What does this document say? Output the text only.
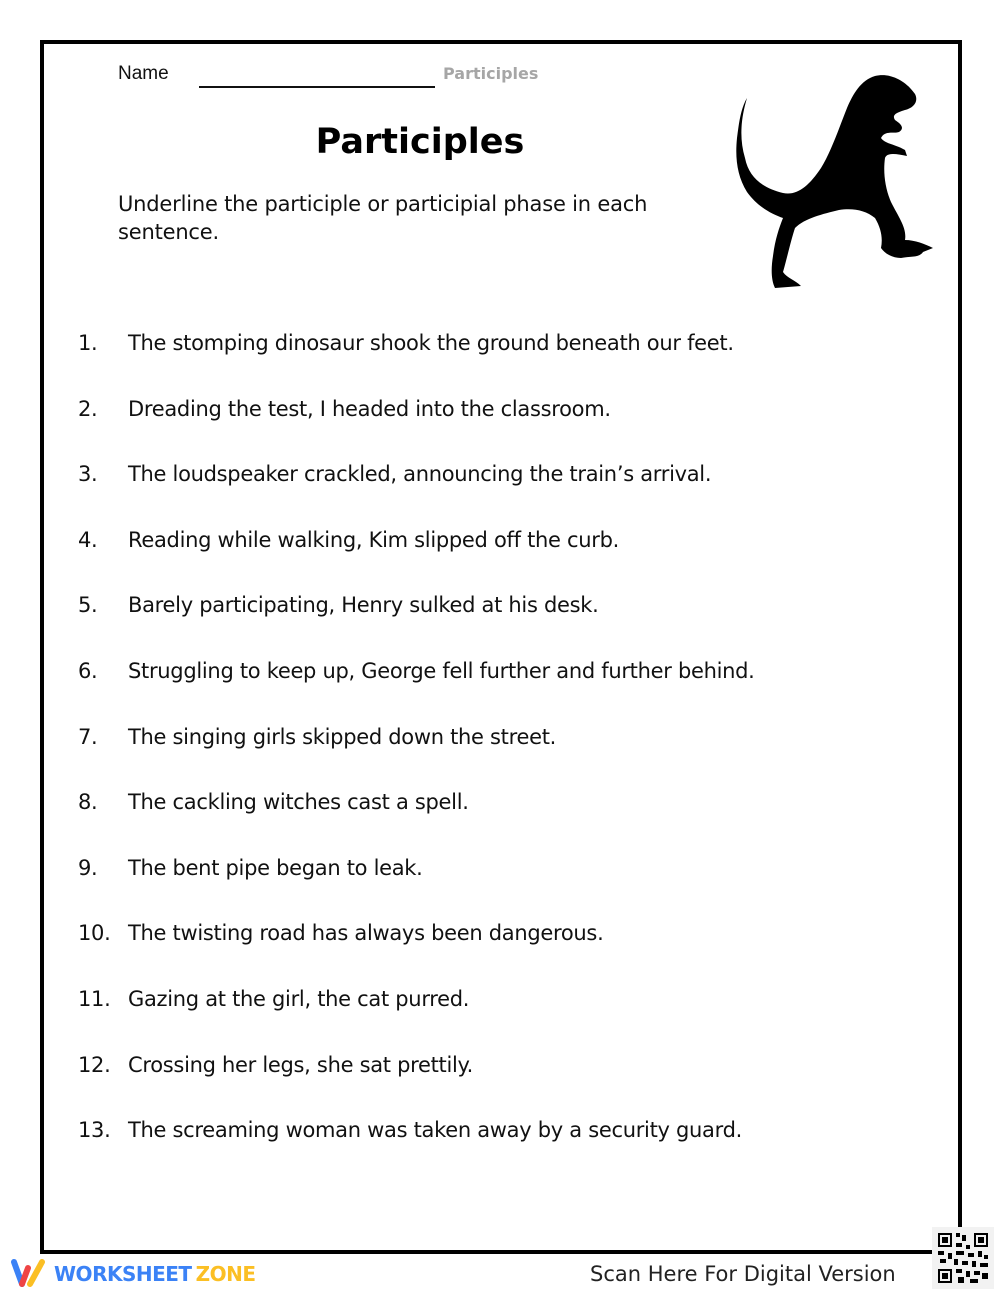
Name	Participles
Participles
Underline the participle or participial phase in each sentence.
1.	The stomping dinosaur shook the ground beneath our feet.
2.	Dreading the test, I headed into the classroom.
3.	The loudspeaker crackled, announcing the train’s arrival.
4.	Reading while walking, Kim slipped off the curb.
5.	Barely participating, Henry sulked at his desk.
6.	Struggling to keep up, George fell further and further behind.
7.	The singing girls skipped down the street.
8.	The cackling witches cast a spell.
9.	The bent pipe began to leak.
10. The twisting road has always been dangerous.
11. Gazing at the girl, the cat purred.
12. Crossing her legs, she sat prettily.
13. The screaming woman was taken away by a security guard.
WORKSHEET ZONE	Scan Here For Digital Version
